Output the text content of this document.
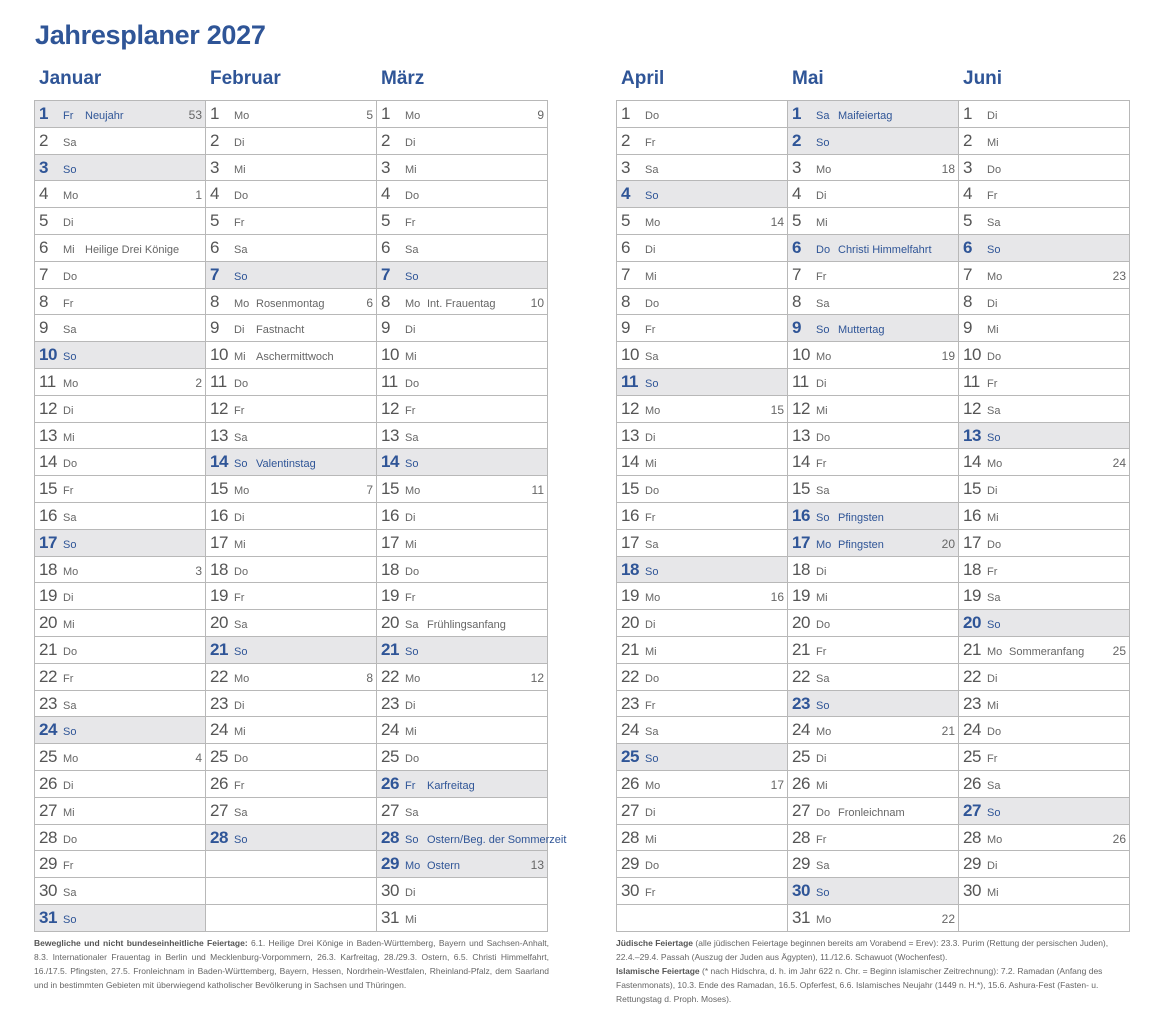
Jahresplaner 2027
Januar	Februar	März
1 Fr Neujahr	53
2 Sa
3 So
4 Mo	1
5 Di
6 Mi Heilige Drei Könige
7 Do
8 Fr
9 Sa
10 So
11 Mo	2
12 Di
13 Mi
14 Do
15 Fr
16 Sa
17 So
18 Mo	3
19 Di
20 Mi
21 Do
22 Fr
23 Sa
24 So
25 Mo	4
26 Di
27 Mi
28 Do
29 Fr
30 Sa
31 So
1 Mo	5
2 Di
3 Mi
4 Do
5 Fr
6 Sa
7 So
8 Mo Rosenmontag	6
9 Di Fastnacht
10 Mi Aschermittwoch
11 Do
12 Fr
13 Sa
14 So Valentinstag
15 Mo	7
16 Di
17 Mi
18 Do
19 Fr
20 Sa
21 So
22 Mo	8
23 Di
24 Mi
25 Do
26 Fr
27 Sa
28 So
1 Mo	9
2 Di
3 Mi
4 Do
5 Fr
6 Sa
7 So
8 Mo Int. Frauentag	10
9 Di
10 Mi
11 Do
12 Fr
13 Sa
14 So
15 Mo	11
16 Di
17 Mi
18 Do
19 Fr
20 Sa Frühlingsanfang
21 So
22 Mo	12
23 Di
24 Mi
25 Do
26 Fr Karfreitag
27 Sa
28 So Ostern/Beg. der Sommerzeit
29 Mo Ostern	13
30 Di
31 Mi
April	Mai	Juni
1 Do
2 Fr
3 Sa
4 So
5 Mo	14
6 Di
7 Mi
8 Do
9 Fr
10 Sa
11 So
12 Mo	15
13 Di
14 Mi
15 Do
16 Fr
17 Sa
18 So
19 Mo	16
20 Di
21 Mi
22 Do
23 Fr
24 Sa
25 So
26 Mo	17
27 Di
28 Mi
29 Do
30 Fr
1 Sa Maifeiertag
2 So
3 Mo	18
4 Di
5 Mi
6 Do Christi Himmelfahrt
7 Fr
8 Sa
9 So Muttertag
10 Mo	19
11 Di
12 Mi
13 Do
14 Fr
15 Sa
16 So Pfingsten
17 Mo Pfingsten	20
18 Di
19 Mi
20 Do
21 Fr
22 Sa
23 So
24 Mo	21
25 Di
26 Mi
27 Do Fronleichnam
28 Fr
29 Sa
30 So
31 Mo	22
1 Di
2 Mi
3 Do
4 Fr
5 Sa
6 So
7 Mo	23
8 Di
9 Mi
10 Do
11 Fr
12 Sa
13 So
14 Mo	24
15 Di
16 Mi
17 Do
18 Fr
19 Sa
20 So
21 Mo Sommeranfang 25
22 Di
23 Mi
24 Do
25 Fr
26 Sa
27 So
28 Mo	26
29 Di
30 Mi
Bewegliche und nicht bundeseinheitliche Feiertage: 6.1. Heilige Drei Könige in Baden-Württemberg, Bayern und Sachsen-Anhalt, 8.3. Internationaler Frauentag in Berlin und Mecklenburg-Vorpommern, 26.3. Karfreitag, 28./29.3. Ostern, 6.5. Christi Himmelfahrt, 16./17.5. Pfingsten, 27.5. Fronleichnam in Baden-Württemberg, Bayern, Hessen, Nordrhein-Westfalen, Rheinland-Pfalz, dem Saarland und in bestimmten Gebieten mit überwiegend katholischer Bevölkerung in Sachsen und Thüringen.
Jüdische Feiertage (alle jüdischen Feiertage beginnen bereits am Vorabend = Erev): 23.3. Purim (Rettung der persischen Juden), 22.4.–29.4. Passah (Auszug der Juden aus Ägypten), 11./12.6. Schawuot (Wochenfest).
Islamische Feiertage (* nach Hidschra, d. h. im Jahr 622 n. Chr. = Beginn islamischer Zeitrechnung): 7.2. Ramadan (Anfang des Fastenmonats), 10.3. Ende des Ramadan, 16.5. Opferfest, 6.6. Islamisches Neujahr (1449 n. H.*), 15.6. Ashura-Fest (Fasten- u. Rettungstag d. Proph. Moses).
